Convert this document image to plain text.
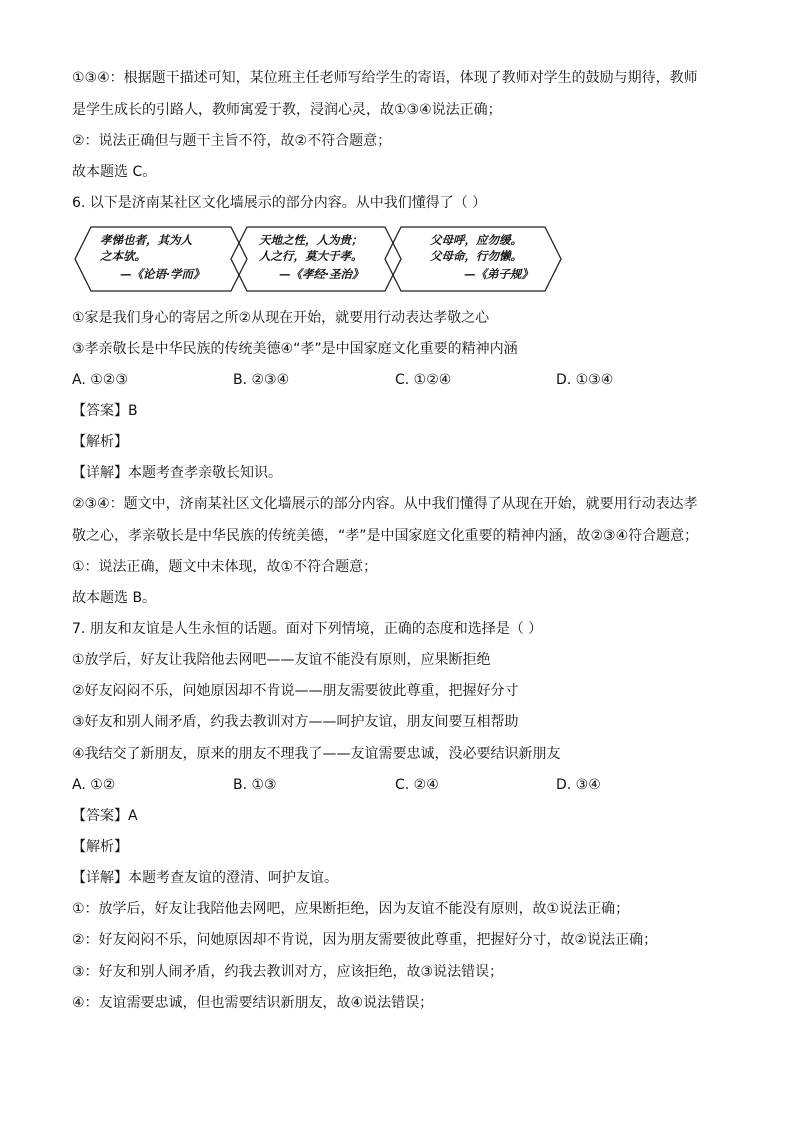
①③④：根据题干描述可知，某位班主任老师写给学生的寄语，体现了教师对学生的鼓励与期待，教师
是学生成长的引路人，教师寓爱于教，浸润心灵，故①③④说法正确；
②：说法正确但与题干主旨不符，故②不符合题意；
故本题选 C。
6. 以下是济南某社区文化墙展示的部分内容。从中我们懂得了（ ）
孝悌也者，其为人
之本欤。
—《论语·学而》
天地之性，人为贵；
人之行，莫大于孝。
—《孝经·圣治》
父母呼，应勿缓。
父母命，行勿懒。
—《弟子规》
①家是我们身心的寄居之所②从现在开始，就要用行动表达孝敬之心
③孝亲敬长是中华民族的传统美德④“孝”是中国家庭文化重要的精神内涵
A. ①②③	B. ②③④	C. ①②④	D. ①③④
【答案】B
【解析】
【详解】本题考查孝亲敬长知识。
②③④：题文中，济南某社区文化墙展示的部分内容。从中我们懂得了从现在开始，就要用行动表达孝
敬之心，孝亲敬长是中华民族的传统美德，“孝”是中国家庭文化重要的精神内涵，故②③④符合题意；
①：说法正确，题文中未体现，故①不符合题意；
故本题选 B。
7. 朋友和友谊是人生永恒的话题。面对下列情境，正确的态度和选择是（ ）
①放学后，好友让我陪他去网吧——友谊不能没有原则，应果断拒绝
②好友闷闷不乐，问她原因却不肯说——朋友需要彼此尊重，把握好分寸
③好友和别人闹矛盾，约我去教训对方——呵护友谊，朋友间要互相帮助
④我结交了新朋友，原来的朋友不理我了——友谊需要忠诚，没必要结识新朋友
A. ①②	B. ①③	C. ②④	D. ③④
【答案】A
【解析】
【详解】本题考查友谊的澄清、呵护友谊。
①：放学后，好友让我陪他去网吧，应果断拒绝，因为友谊不能没有原则，故①说法正确；
②：好友闷闷不乐，问她原因却不肯说，因为朋友需要彼此尊重，把握好分寸，故②说法正确；
③：好友和别人闹矛盾，约我去教训对方，应该拒绝，故③说法错误；
④：友谊需要忠诚，但也需要结识新朋友，故④说法错误；
